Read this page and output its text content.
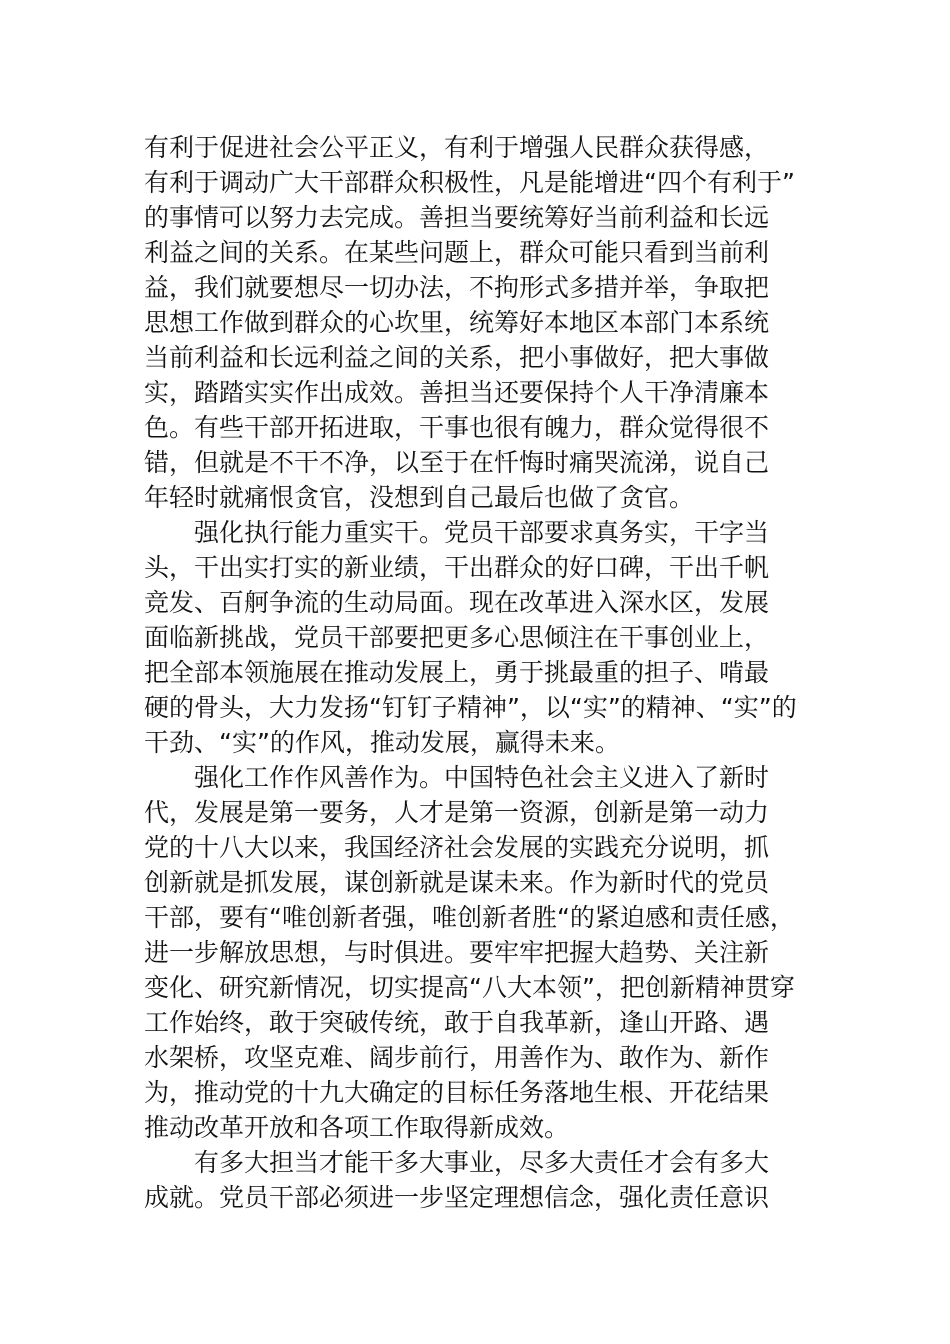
有利于促进社会公平正义，有利于增强人民群众获得感，
有利于调动广大干部群众积极性，凡是能增进“四个有利于”
的事情可以努力去完成。善担当要统筹好当前利益和长远
利益之间的关系。在某些问题上，群众可能只看到当前利
益，我们就要想尽一切办法，不拘形式多措并举，争取把
思想工作做到群众的心坎里，统筹好本地区本部门本系统
当前利益和长远利益之间的关系，把小事做好，把大事做
实，踏踏实实作出成效。善担当还要保持个人干净清廉本
色。有些干部开拓进取，干事也很有魄力，群众觉得很不
错，但就是不干不净，以至于在忏悔时痛哭流涕，说自己
年轻时就痛恨贪官，没想到自己最后也做了贪官。
强化执行能力重实干。党员干部要求真务实，干字当
头，干出实打实的新业绩，干出群众的好口碑，干出千帆
竞发、百舸争流的生动局面。现在改革进入深水区，发展
面临新挑战，党员干部要把更多心思倾注在干事创业上，
把全部本领施展在推动发展上，勇于挑最重的担子、啃最
硬的骨头，大力发扬“钉钉子精神”，以“实”的精神、“实”的
干劲、“实”的作风，推动发展，赢得未来。
强化工作作风善作为。中国特色社会主义进入了新时
代，发展是第一要务，人才是第一资源，创新是第一动力
党的十八大以来，我国经济社会发展的实践充分说明，抓
创新就是抓发展，谋创新就是谋未来。作为新时代的党员
干部，要有“唯创新者强，唯创新者胜“的紧迫感和责任感，
进一步解放思想，与时俱进。要牢牢把握大趋势、关注新
变化、研究新情况，切实提高“八大本领”，把创新精神贯穿
工作始终，敢于突破传统，敢于自我革新，逢山开路、遇
水架桥，攻坚克难、阔步前行，用善作为、敢作为、新作
为，推动党的十九大确定的目标任务落地生根、开花结果
推动改革开放和各项工作取得新成效。
有多大担当才能干多大事业，尽多大责任才会有多大
成就。党员干部必须进一步坚定理想信念，强化责任意识
